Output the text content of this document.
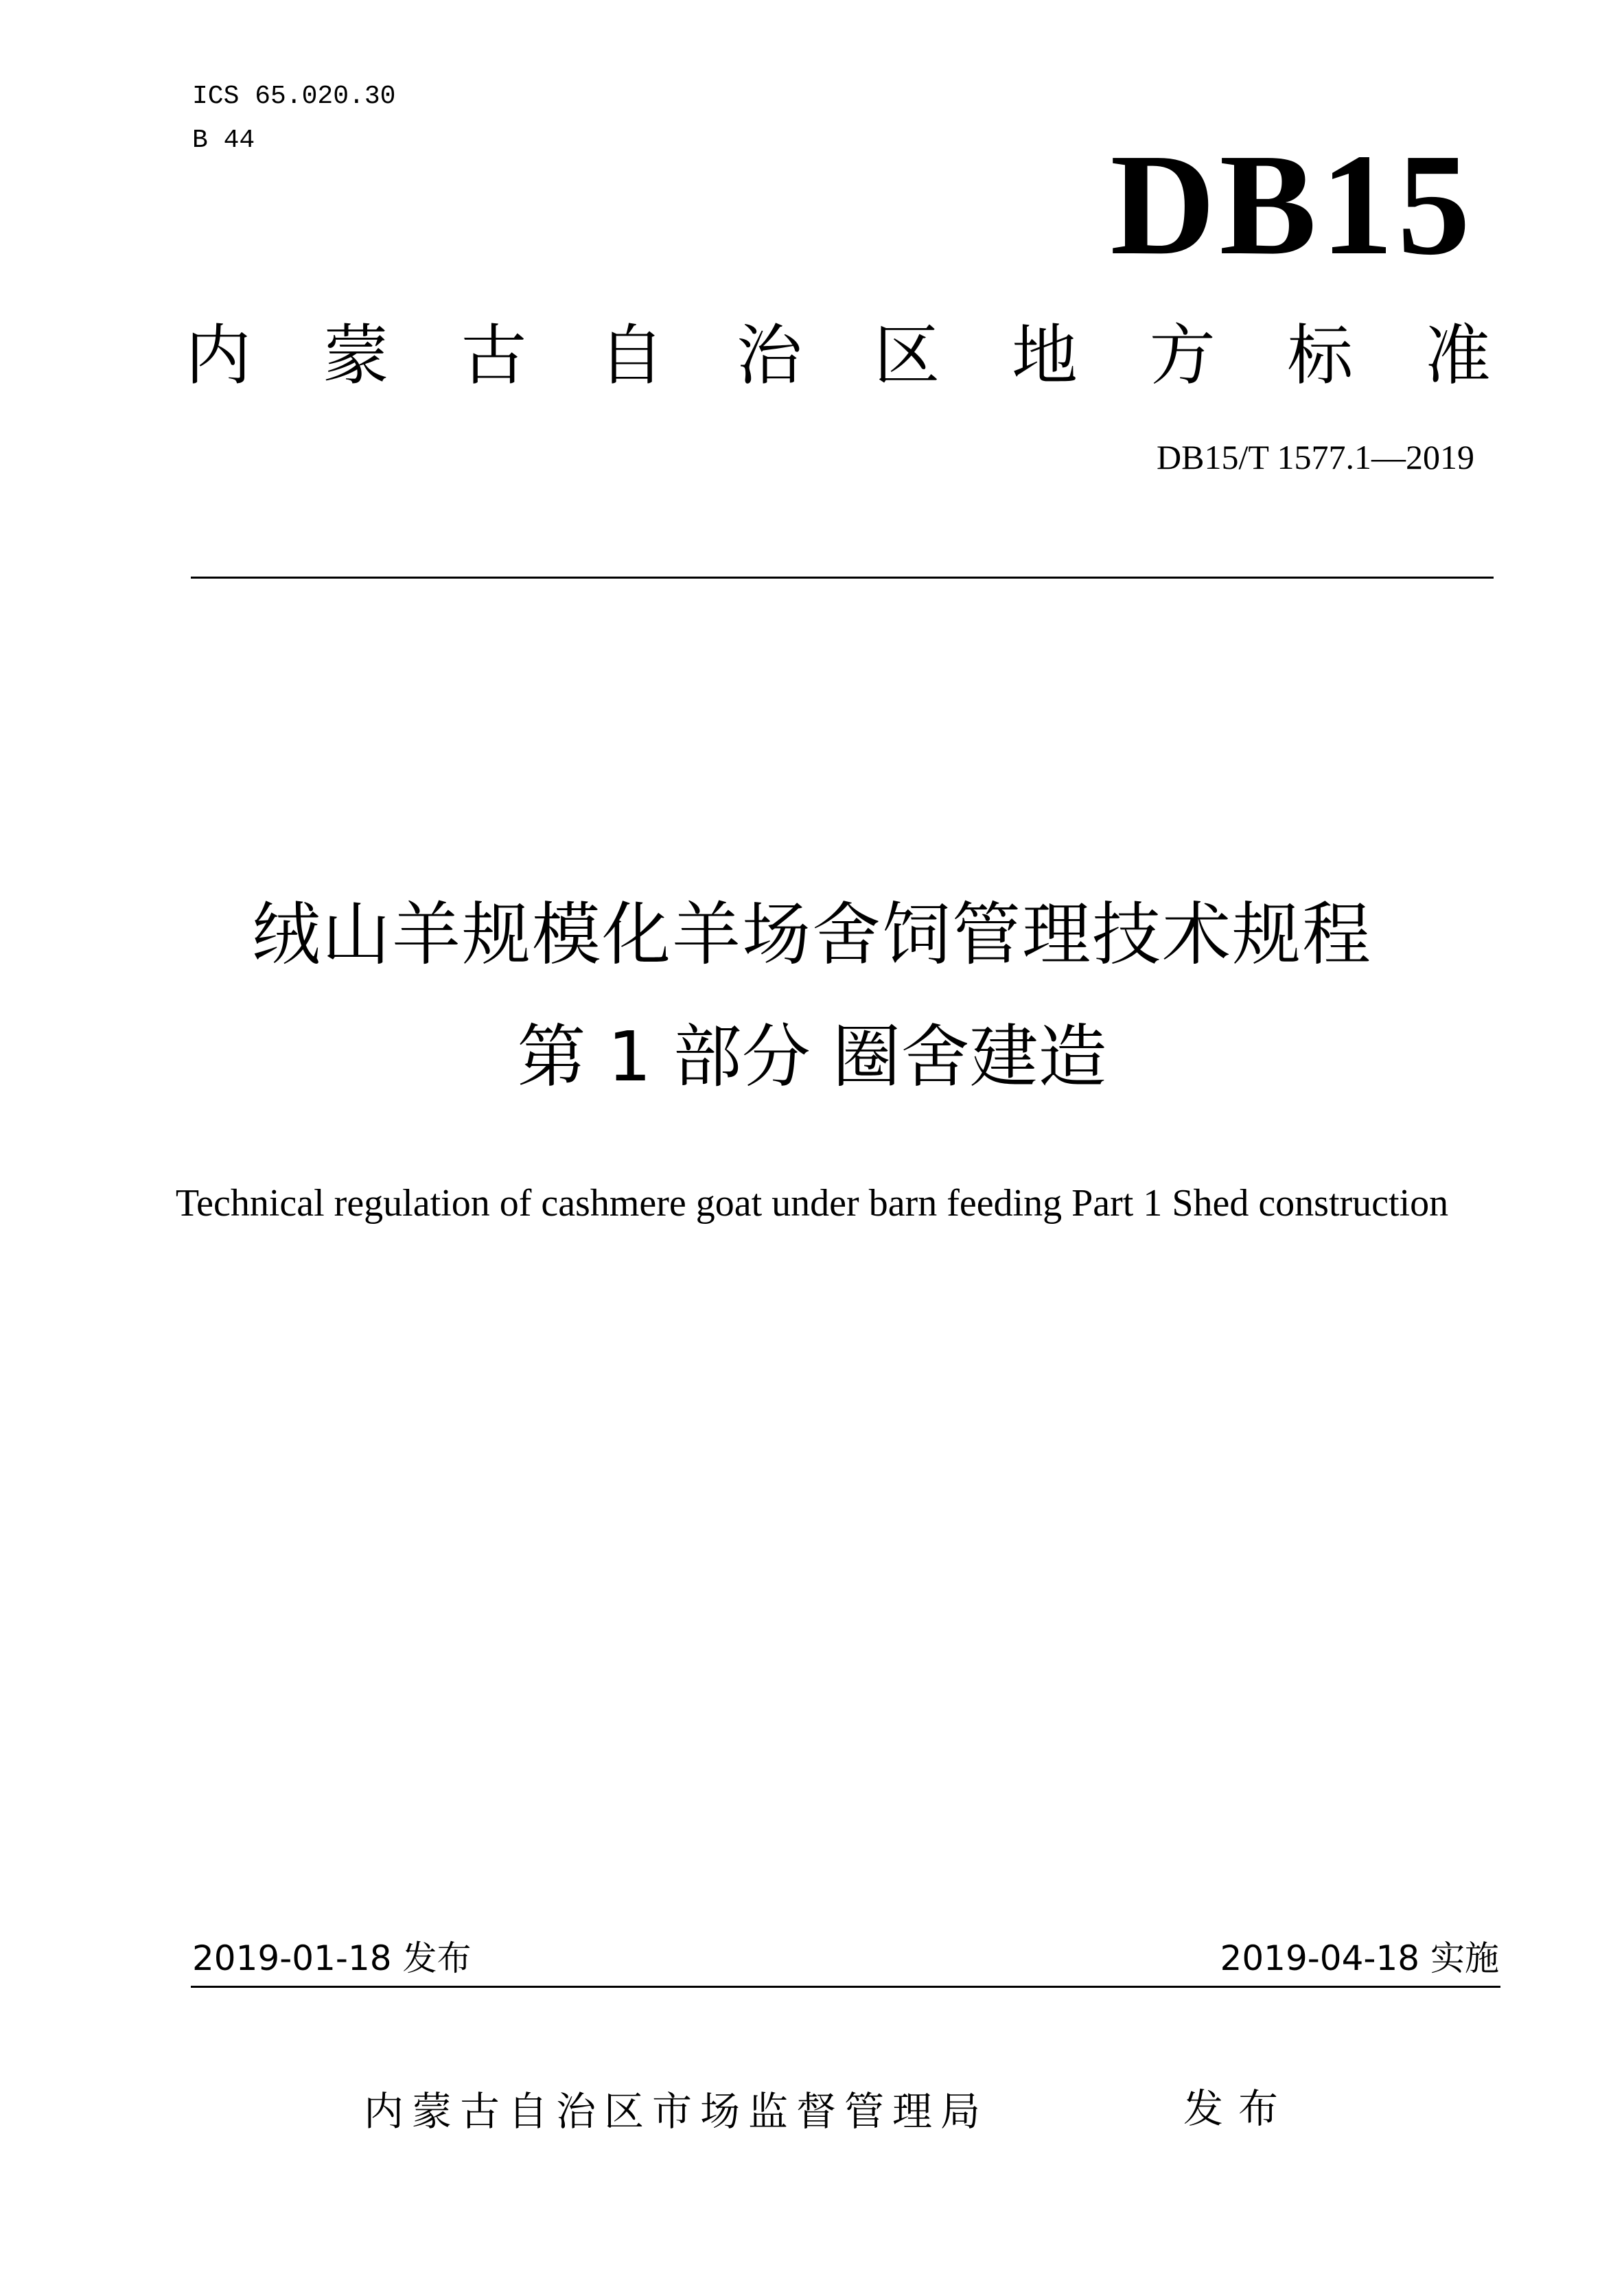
ICS 65.020.30
B 44	DB15
内 蒙 古 自 治 区 地 方 标 准
DB15/T 1577.1—2019
绒山羊规模化羊场舍饲管理技术规程
第 1 部分 圈舍建造
Technical regulation of cashmere goat under barn feeding Part 1 Shed construction
2019-01-18 发布	2019-04-18 实施
内蒙古自治区市场监督管理局	发布
